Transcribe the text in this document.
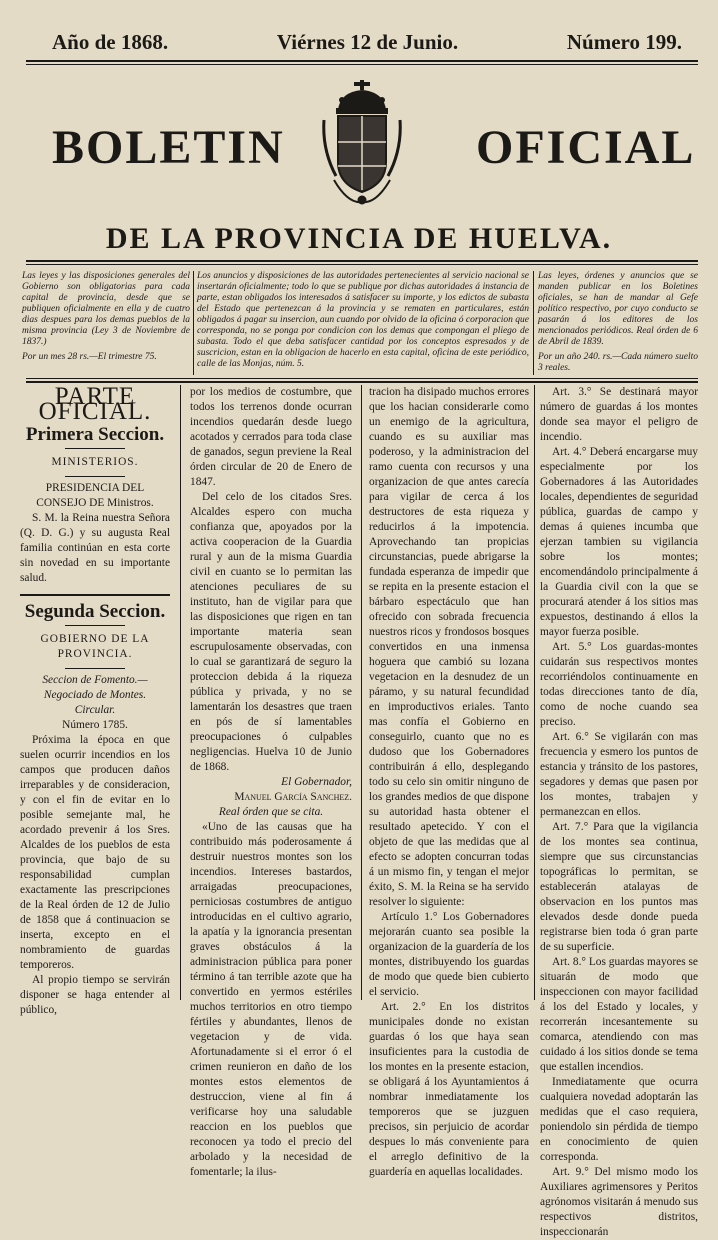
Año de 1868.	Viérnes 12 de Junio.	Número 199.
BOLETIN	OFICIAL
DE LA PROVINCIA DE HUELVA.

Las leyes y las disposiciones generales del Gobierno son obligatorias para cada capital de provincia, desde que se publiquen oficialmente en ella y de cuatro dias despues para los demas pueblos de la misma provincia (Ley 3 de Noviembre de 1837.)

Por un mes 28 rs.—El trimestre 75.

Los anuncios y disposiciones de las autoridades pertenecientes al servicio nacional se insertarán oficialmente; todo lo que se publique por dichas autoridades á instancia de parte, estan obligados los interesados á satisfacer su importe, y los edictos de subasta del Estado que pertenezcan á la provincia y se rematen en particulares, están obligados á pagar su insercion, aun cuando por olvido de la oficina ó corporacion que corresponda, no se ponga por condicion con los demas que compongan el pliego de subasta. Todo el que deba satisfacer cantidad por los conceptos espresados y de suscricion, estan en la obligacion de hacerlo en esta capital, oficina de este periódico, calle de las Monjas, núm. 5.

Las leyes, órdenes y anuncios que se manden publicar en los Boletines oficiales, se han de mandar al Gefe político respectivo, por cuyo conducto se pasarán á los editores de los mencionados periódicos. Real órden de 6 de Abril de 1839.

Por un año 240. rs.—Cada número suelto 3 reales.

PARTE OFICIAL.
Primera Seccion.
MINISTERIOS.

PRESIDENCIA DEL CONSEJO DE Ministros.

S. M. la Reina nuestra Señora (Q. D. G.) y su augusta Real familia continúan en esta corte sin novedad en su importante salud.

Segunda Seccion.
GOBIERNO DE LA PROVINCIA.

Seccion de Fomento.—Negociado de Montes.

Circular.

Número 1785.

Próxima la época en que suelen ocurrir incendios en los campos que producen daños irreparables y de consideracion, y con el fin de evitar en lo posible semejante mal, he acordado prevenir á los Sres. Alcaldes de los pueblos de esta provincia, que bajo de su responsabilidad cumplan exactamente las prescripciones de la Real órden de 12 de Julio de 1858 que á continuacion se inserta, excepto en el nombramiento de guardas temporeros.

Al propio tiempo se servirán disponer se haga entender al público,

por los medios de costumbre, que todos los terrenos donde ocurran incendios quedarán desde luego acotados y cerrados para toda clase de ganados, segun previene la Real órden circular de 20 de Enero de 1847.

Del celo de los citados Sres. Alcaldes espero con mucha confianza que, apoyados por la activa cooperacion de la Guardia rural y aun de la misma Guardia civil en cuanto se lo permitan las atenciones peculiares de su instituto, han de vigilar para que las disposiciones que rigen en tan importante materia sean escrupulosamente observadas, con lo cual se garantizará de seguro la proteccion debida á la riqueza pública y privada, y no se lamentarán los desastres que traen en pós de sí lamentables preocupaciones ó culpables negligencias. Huelva 10 de Junio de 1868.

El Gobernador,

Manuel García Sanchez.

Real órden que se cita.

«Uno de las causas que ha contribuido más poderosamente á destruir nuestros montes son los incendios. Intereses bastardos, arraigadas preocupaciones, perniciosas costumbres de antiguo introducidas en el cultivo agrario, la apatía y la ignorancia presentan graves obstáculos á la administracion pública para poner término á tan terrible azote que ha convertido en yermos estériles muchos territorios en otro tiempo fértiles y abundantes, llenos de vegetacion y de vida. Afortunadamente si el error ó el crimen reunieron en daño de los montes estos elementos de destruccion, viene al fin á verificarse hoy una saludable reaccion en los pueblos que reconocen ya todo el precio del arbolado y la necesidad de fomentarle; la ilus-

tracion ha disipado muchos errores que los hacian considerarle como un enemigo de la agricultura, cuando es su auxiliar mas poderoso, y la administracion del ramo cuenta con recursos y una organizacion de que antes carecía para vigilar de cerca á los destructores de esta riqueza y reducirlos á la impotencia. Aprovechando tan propicias circunstancias, puede abrigarse la fundada esperanza de impedir que se repita en la presente estacion el bárbaro espectáculo que han ofrecido con sobrada frecuencia nuestros ricos y frondosos bosques convertidos en una inmensa hoguera que cambió su lozana vegetacion en la desnudez de un páramo, y su natural fecundidad en improductivos eriales. Tanto mas confía el Gobierno en conseguirlo, cuanto que no es dudoso que los Gobernadores contribuirán á ello, desplegando todo su celo sin omitir ninguno de los grandes medios de que dispone su autoridad hasta obtener el resultado apetecido. Y con el objeto de que las medidas que al efecto se adopten concurran todas á un mismo fin, y tengan el mejor éxito, S. M. la Reina se ha servido resolver lo siguiente:

Artículo 1.° Los Gobernadores mejorarán cuanto sea posible la organizacion de la guardería de los montes, distribuyendo los guardas de modo que quede bien cubierto el servicio.

Art. 2.° En los distritos municipales donde no existan guardas ó los que haya sean insuficientes para la custodia de los montes en la presente estacion, se obligará á los Ayuntamientos á nombrar inmediatamente los temporeros que se juzguen precisos, sin perjuicio de acordar despues lo más conveniente para el arreglo definitivo de la guardería en aquellas localidades.

Art. 3.° Se destinará mayor número de guardas á los montes donde sea mayor el peligro de incendio.

Art. 4.° Deberá encargarse muy especialmente por los Gobernadores á las Autoridades locales, dependientes de seguridad pública, guardas de campo y demas á quienes incumba que ejerzan tambien su vigilancia sobre los montes; encomendándolo principalmente á la Guardia civil con la que se procurará atender á los sitios mas expuestos, destinando á ellos la mayor fuerza posible.

Art. 5.° Los guardas-montes cuidarán sus respectivos montes recorriéndolos continuamente en todas direcciones tanto de día, como de noche cuando sea preciso.

Art. 6.° Se vigilarán con mas frecuencia y esmero los puntos de estancia y tránsito de los pastores, segadores y demas que pasen por los montes, trabajen y permanezcan en ellos.

Art. 7.° Para que la vigilancia de los montes sea continua, siempre que sus circunstancias topográficas lo permitan, se establecerán atalayas de observacion en los puntos mas elevados desde donde pueda registrarse bien toda ó gran parte de su superficie.

Art. 8.° Los guardas mayores se situarán de modo que inspeccionen con mayor facilidad á los del Estado y locales, y recorrerán incesantemente su comarca, atendiendo con mas cuidado á los sitios donde se tema que estallen incendios.

Inmediatamente que ocurra cualquiera novedad adoptarán las medidas que el caso requiera, poniendolo sin pérdida de tiempo en conocimiento de quien corresponda.

Art. 9.° Del mismo modo los Auxiliares agrimensores y Peritos agrónomos visitarán á menudo sus respectivos distritos, inspeccionarán
